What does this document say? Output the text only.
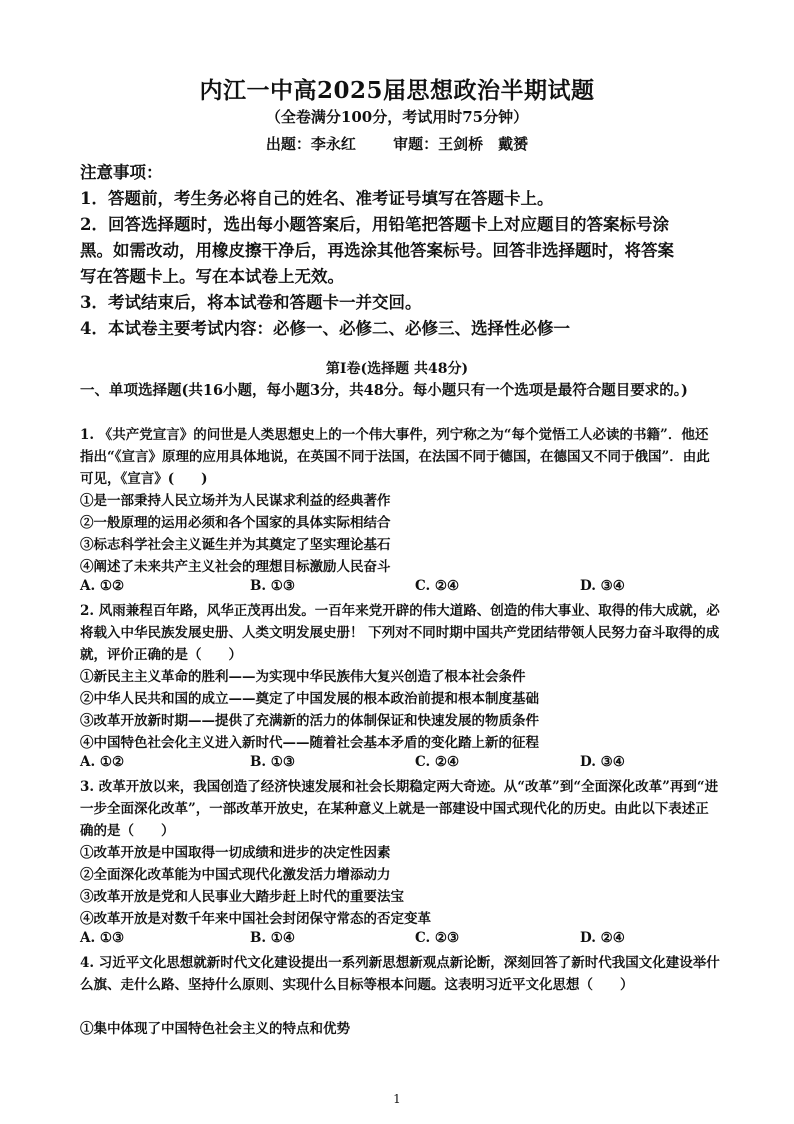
内江一中高2025届思想政治半期试题
（全卷满分100分，考试用时75分钟）
出题：李永红 审题：王剑桥　戴赟
注意事项：
1．答题前，考生务必将自己的姓名、准考证号填写在答题卡上。
2．回答选择题时，选出每小题答案后，用铅笔把答题卡上对应题目的答案标号涂黑。如需改动，用橡皮擦干净后，再选涂其他答案标号。回答非选择题时，将答案写在答题卡上。写在本试卷上无效。
3．考试结束后，将本试卷和答题卡一并交回。
4．本试卷主要考试内容：必修一、必修二、必修三、选择性必修一
第Ⅰ卷(选择题 共48分)
一、单项选择题(共16小题，每小题3分，共48分。每小题只有一个选项是最符合题目要求的。)
1. 《共产党宣言》的问世是人类思想史上的一个伟大事件，列宁称之为“每个觉悟工人必读的书籍”．他还指出“《宣言》原理的应用具体地说，在英国不同于法国，在法国不同于德国，在德国又不同于俄国”．由此可见，《宣言》(　　)
①是一部秉持人民立场并为人民谋求利益的经典著作
②一般原理的运用必须和各个国家的具体实际相结合
③标志科学社会主义诞生并为其奠定了坚实理论基石
④阐述了未来共产主义社会的理想目标激励人民奋斗
A. ①②	B. ①③	C. ②④	D. ③④
2. 风雨兼程百年路，风华正茂再出发。一百年来党开辟的伟大道路、创造的伟大事业、取得的伟大成就，必将载入中华民族发展史册、人类文明发展史册！ 下列对不同时期中国共产党团结带领人民努力奋斗取得的成就，评价正确的是（　　）
①新民主主义革命的胜利——为实现中华民族伟大复兴创造了根本社会条件
②中华人民共和国的成立——奠定了中国发展的根本政治前提和根本制度基础
③改革开放新时期——提供了充满新的活力的体制保证和快速发展的物质条件
④中国特色社会化主义进入新时代——随着社会基本矛盾的变化踏上新的征程
A. ①②	B. ①③	C. ②④	D. ③④
3. 改革开放以来，我国创造了经济快速发展和社会长期稳定两大奇迹。从“改革”到“全面深化改革”再到“进一步全面深化改革”，一部改革开放史，在某种意义上就是一部建设中国式现代化的历史。由此以下表述正确的是（　　）
①改革开放是中国取得一切成绩和进步的决定性因素
②全面深化改革能为中国式现代化激发活力增添动力
③改革开放是党和人民事业大踏步赶上时代的重要法宝
④改革开放是对数千年来中国社会封闭保守常态的否定变革
A. ①③	B. ①④	C. ②③	D. ②④
4. 习近平文化思想就新时代文化建设提出一系列新思想新观点新论断，深刻回答了新时代我国文化建设举什么旗、走什么路、坚持什么原则、实现什么目标等根本问题。这表明习近平文化思想（　　）
①集中体现了中国特色社会主义的特点和优势
1
